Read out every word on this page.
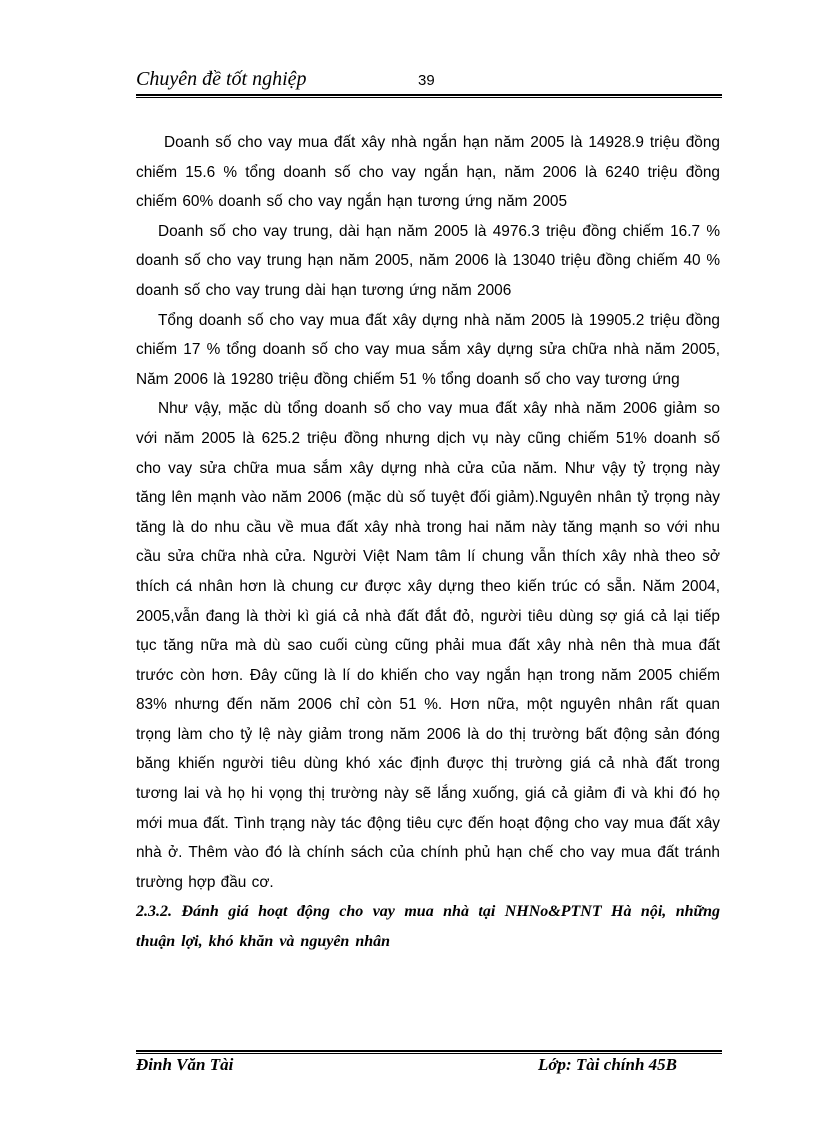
Chuyên đề tốt nghiệp	39

Doanh số cho vay mua đất xây nhà ngắn hạn năm 2005 là 14928.9 triệu đồng chiếm 15.6 % tổng doanh số cho vay ngắn hạn, năm 2006 là 6240 triệu đồng chiếm 60% doanh số cho vay ngắn hạn tương ứng năm 2005

Doanh số cho vay trung, dài hạn năm 2005 là 4976.3 triệu đồng chiếm 16.7 % doanh số cho vay trung hạn năm 2005, năm 2006 là 13040 triệu đồng chiếm 40 % doanh số cho vay trung dài hạn tương ứng năm 2006

Tổng doanh số cho vay mua đất xây dựng nhà năm 2005 là 19905.2 triệu đồng chiếm 17 % tổng doanh số cho vay mua sắm xây dựng sửa chữa nhà năm 2005, Năm 2006 là 19280 triệu đồng chiếm 51 % tổng doanh số cho vay tương ứng

Như vậy, mặc dù tổng doanh số cho vay mua đất xây nhà năm 2006 giảm so với năm 2005 là 625.2 triệu đồng nhưng dịch vụ này cũng chiếm 51% doanh số cho vay sửa chữa mua sắm xây dựng nhà cửa của năm. Như vậy tỷ trọng này tăng lên mạnh vào năm 2006 (mặc dù số tuyệt đối giảm).Nguyên nhân tỷ trọng này tăng là do nhu cầu về mua đất xây nhà trong hai năm này tăng mạnh so với nhu cầu sửa chữa nhà cửa. Người Việt Nam tâm lí chung vẫn thích xây nhà theo sở thích cá nhân hơn là chung cư được xây dựng theo kiến trúc có sẵn. Năm 2004, 2005,vẫn đang là thời kì giá cả nhà đất đắt đỏ, người tiêu dùng sợ giá cả lại tiếp tục tăng nữa mà dù sao cuối cùng cũng phải mua đất xây nhà nên thà mua đất trước còn hơn. Đây cũng là lí do khiến cho vay ngắn hạn trong năm 2005 chiếm 83% nhưng đến năm 2006 chỉ còn 51 %. Hơn nữa, một nguyên nhân rất quan trọng làm cho tỷ lệ này giảm trong năm 2006 là do thị trường bất động sản đóng băng khiến người tiêu dùng khó xác định được thị trường giá cả nhà đất trong tương lai và họ hi vọng thị trường này sẽ lắng xuống, giá cả giảm đi và khi đó họ mới mua đất. Tình trạng này tác động tiêu cực đến hoạt động cho vay mua đất xây nhà ở. Thêm vào đó là chính sách của chính phủ hạn chế cho vay mua đất tránh trường hợp đầu cơ.

2.3.2. Đánh giá hoạt động cho vay mua nhà tại NHNo&PTNT Hà nội, những thuận lợi, khó khăn và nguyên nhân

Đinh Văn Tài	Lớp: Tài chính 45B
